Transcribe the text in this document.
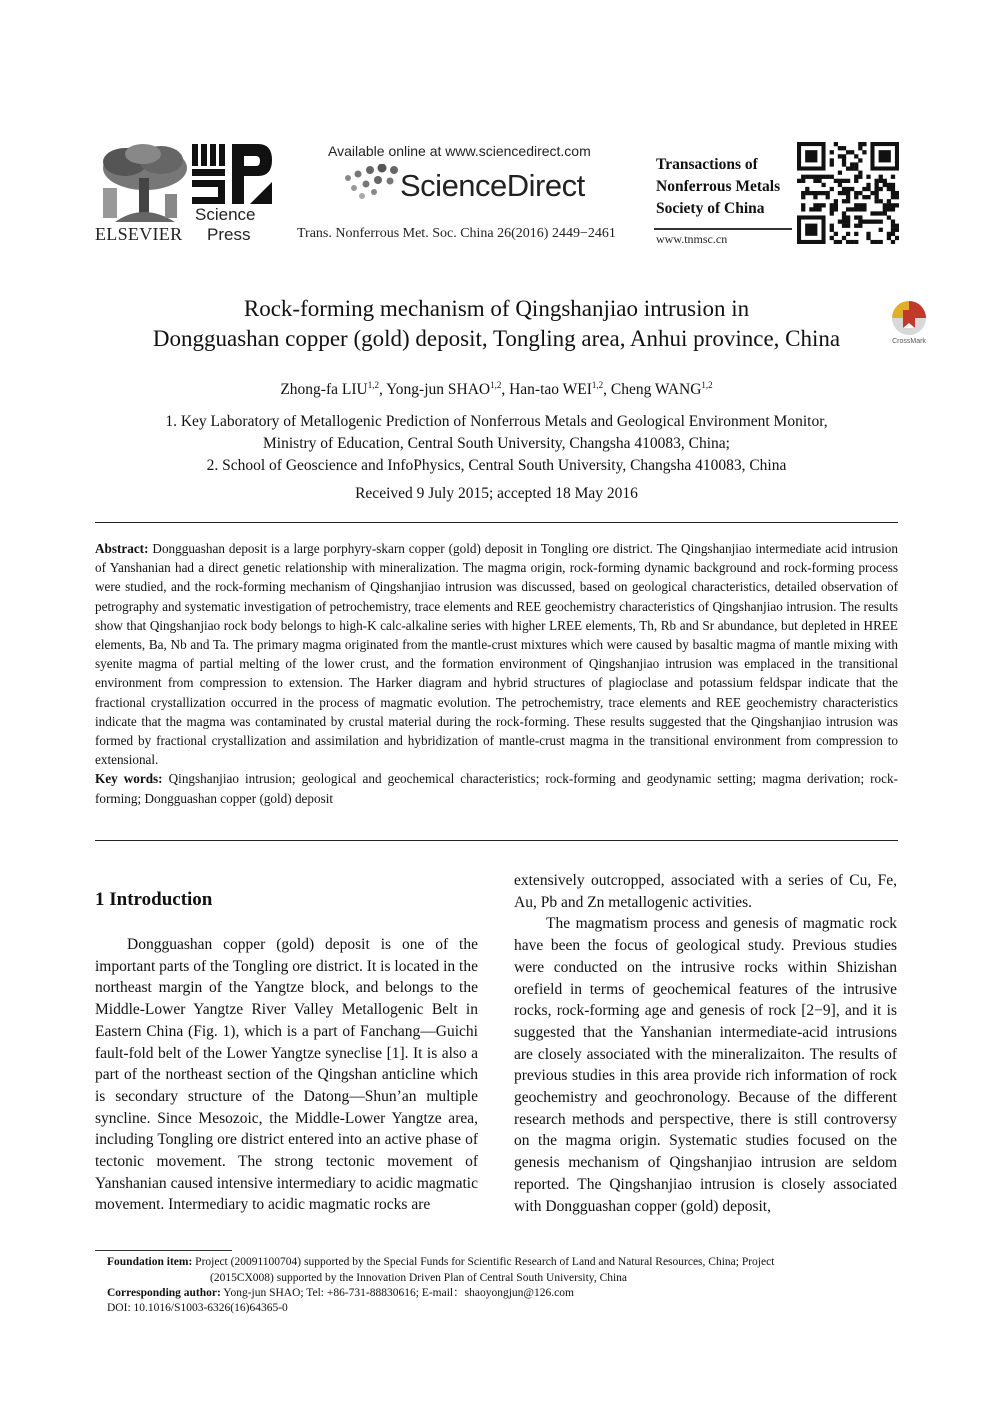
ELSEVIER
Science
Press
Available online at www.sciencedirect.com
ScienceDirect
Trans. Nonferrous Met. Soc. China 26(2016) 2449−2461
Transactions of
Nonferrous Metals
Society of China
www.tnmsc.cn
Rock-forming mechanism of Qingshanjiao intrusion in
Dongguashan copper (gold) deposit, Tongling area, Anhui province, China	CrossMark
Zhong-fa LIU$^{1,2}$, Yong-jun SHAO$^{1,2}$, Han-tao WEI$^{1,2}$, Cheng WANG$^{1,2}$
1. Key Laboratory of Metallogenic Prediction of Nonferrous Metals and Geological Environment Monitor,
Ministry of Education, Central South University, Changsha 410083, China;
2. School of Geoscience and InfoPhysics, Central South University, Changsha 410083, China
Received 9 July 2015; accepted 18 May 2016
Abstract: Dongguashan deposit is a large porphyry-skarn copper (gold) deposit in Tongling ore district. The Qingshanjiao intermediate acid intrusion of Yanshanian had a direct genetic relationship with mineralization. The magma origin, rock-forming dynamic background and rock-forming process were studied, and the rock-forming mechanism of Qingshanjiao intrusion was discussed, based on geological characteristics, detailed observation of petrography and systematic investigation of petrochemistry, trace elements and REE geochemistry characteristics of Qingshanjiao intrusion. The results show that Qingshanjiao rock body belongs to high-K calc-alkaline series with higher LREE elements, Th, Rb and Sr abundance, but depleted in HREE elements, Ba, Nb and Ta. The primary magma originated from the mantle-crust mixtures which were caused by basaltic magma of mantle mixing with syenite magma of partial melting of the lower crust, and the formation environment of Qingshanjiao intrusion was emplaced in the transitional environment from compression to extension. The Harker diagram and hybrid structures of plagioclase and potassium feldspar indicate that the fractional crystallization occurred in the process of magmatic evolution. The petrochemistry, trace elements and REE geochemistry characteristics indicate that the magma was contaminated by crustal material during the rock-forming. These results suggested that the Qingshanjiao intrusion was formed by fractional crystallization and assimilation and hybridization of mantle-crust magma in the transitional environment from compression to extensional.
Key words: Qingshanjiao intrusion; geological and geochemical characteristics; rock-forming and geodynamic setting; magma derivation; rock-forming; Dongguashan copper (gold) deposit
1 Introduction

Dongguashan copper (gold) deposit is one of the important parts of the Tongling ore district. It is located in the northeast margin of the Yangtze block, and belongs to the Middle-Lower Yangtze River Valley Metallogenic Belt in Eastern China (Fig. 1), which is a part of Fanchang—Guichi fault-fold belt of the Lower Yangtze syneclise [1]. It is also a part of the northeast section of the Qingshan anticline which is secondary structure of the Datong—Shun’an multiple syncline. Since Mesozoic, the Middle-Lower Yangtze area, including Tongling ore district entered into an active phase of tectonic movement. The strong tectonic movement of Yanshanian caused intensive intermediary to acidic magmatic movement. Intermediary to acidic magmatic rocks are

extensively outcropped, associated with a series of Cu, Fe, Au, Pb and Zn metallogenic activities.

The magmatism process and genesis of magmatic rock have been the focus of geological study. Previous studies were conducted on the intrusive rocks within Shizishan orefield in terms of geochemical features of the intrusive rocks, rock-forming age and genesis of rock [2−9], and it is suggested that the Yanshanian intermediate-acid intrusions are closely associated with the mineralizaiton. The results of previous studies in this area provide rich information of rock geochemistry and geochronology. Because of the different research methods and perspective, there is still controversy on the magma origin. Systematic studies focused on the genesis mechanism of Qingshanjiao intrusion are seldom reported. The Qingshanjiao intrusion is closely associated with Dongguashan copper (gold) deposit,

Foundation item: Project (20091100704) supported by the Special Funds for Scientific Research of Land and Natural Resources, China; Project
(2015CX008) supported by the Innovation Driven Plan of Central South University, China
Corresponding author: Yong-jun SHAO; Tel: +86-731-88830616; E-mail：shaoyongjun@126.com
DOI: 10.1016/S1003-6326(16)64365-0
